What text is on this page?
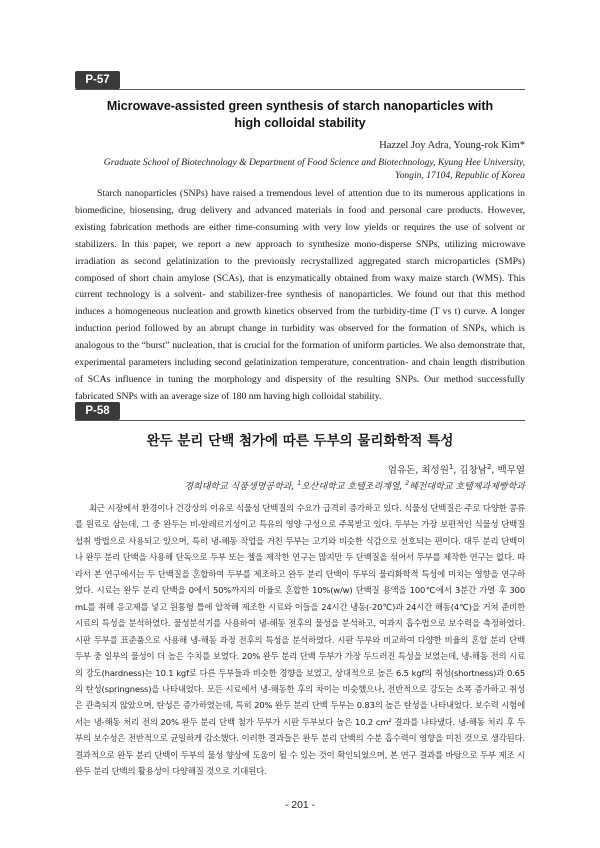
P-57
Microwave-assisted green synthesis of starch nanoparticles with
high colloidal stability
Hazzel Joy Adra, Young-rok Kim*
Graduate School of Biotechnology & Department of Food Science and Biotechnology, Kyung Hee University,
Yongin, 17104, Republic of Korea
Starch nanoparticles (SNPs) have raised a tremendous level of attention due to its numerous applications in biomedicine, biosensing, drug delivery and advanced materials in food and personal care products. However, existing fabrication methods are either time-consuming with very low yields or requires the use of solvent or stabilizers. In this paper, we report a new approach to synthesize mono-disperse SNPs, utilizing microwave irradiation as second gelatinization to the previously recrystallized aggregated starch microparticles (SMPs) composed of short chain amylose (SCAs), that is enzymatically obtained from waxy maize starch (WMS). This current technology is a solvent- and stabilizer-free synthesis of nanoparticles. We found out that this method induces a homogeneous nucleation and growth kinetics observed from the turbidity-time (T vs t) curve. A longer induction period followed by an abrupt change in turbidity was observed for the formation of SNPs, which is analogous to the “burst” nucleation, that is crucial for the formation of uniform particles. We also demonstrate that, experimental parameters including second gelatinization temperature, concentration- and chain length distribution of SCAs influence in tuning the morphology and dispersity of the resulting SNPs. Our method successfully fabricated SNPs with an average size of 180 nm having high colloidal stability.
P-58
완두 분리 단백 첨가에 따른 두부의 물리화학적 특성
엄유돈, 최성원$^1$, 김창남$^2$, 백무열
경희대학교 식품생명공학과, $^1$오산대학교 호텔조리계열, $^2$혜전대학교 호텔제과제빵학과
최근 시장에서 환경이나 건강상의 이유로 식물성 단백질의 수요가 급격히 증가하고 있다. 식물성 단백질은 주로 다양한 콩류를 원료로 삼는데, 그 중 완두는 비-알레르기성이고 특유의 영양 구성으로 주목받고 있다. 두부는 가장 보편적인 식물성 단백질 섭취 방법으로 사용되고 있으며, 특히 냉-해동 작업을 거친 두부는 고기와 비슷한 식감으로 선호되는 편이다. 대두 분리 단백이나 완두 분리 단백을 사용해 단독으로 두부 또는 젤을 제작한 연구는 많지만 두 단백질을 섞어서 두부를 제작한 연구는 없다. 따라서 본 연구에서는 두 단백질을 혼합하여 두부를 제조하고 완두 분리 단백이 두부의 물리화학적 특성에 미치는 영향을 연구하였다. 시료는 완두 분리 단백을 0에서 50%까지의 비율로 혼합한 10%(w/w) 단백질 용액을 100℃에서 3분간 가열 후 300 mL를 취해 응고제를 넣고 원통형 틀에 압착해 제조한 시료와 이들을 24시간 냉동(-20℃)과 24시간 해동(4℃)을 거쳐 준비한 시료의 특성을 분석하였다. 물성분석기를 사용하여 냉-해동 전후의 물성을 분석하고, 여과지 흡수법으로 보수력을 측정하였다. 시판 두부를 표준품으로 사용해 냉-해동 과정 전후의 특성을 분석하였다. 시판 두부와 비교하여 다양한 비율의 혼합 분리 단백 두부 중 일부의 물성이 더 높은 수치를 보였다. 20% 완두 분리 단백 두부가 가장 두드러진 특성을 보였는데, 냉-해동 전의 시료의 강도(hardness)는 10.1 kgf로 다른 두부들과 비슷한 경향을 보였고, 상대적으로 높은 6.5 kgf의 취성(shortness)과 0.65의 탄성(springness)을 나타내었다. 모든 시료에서 냉-해동한 후의 차이는 비슷했으나, 전반적으로 강도는 소폭 증가하고 취성은 관측되지 않았으며, 탄성은 증가하였는데, 특히 20% 완두 분리 단백 두부는 0.83의 높은 탄성을 나타내었다. 보수력 시험에서는 냉-해동 처리 전의 20% 완두 분리 단백 첨가 두부가 시판 두부보다 높은 10.2 cm² 결과를 나타냈다. 냉-해동 처리 후 두부의 보수성은 전반적으로 균일하게 감소했다. 이러한 결과들은 완두 분리 단백의 수분 흡수력이 영향을 미친 것으로 생각된다. 결과적으로 완두 분리 단백이 두부의 물성 향상에 도움이 될 수 있는 것이 확인되었으며, 본 연구 결과를 바탕으로 두부 제조 시 완두 분리 단백의 활용성이 다양해질 것으로 기대된다.
- 201 -
